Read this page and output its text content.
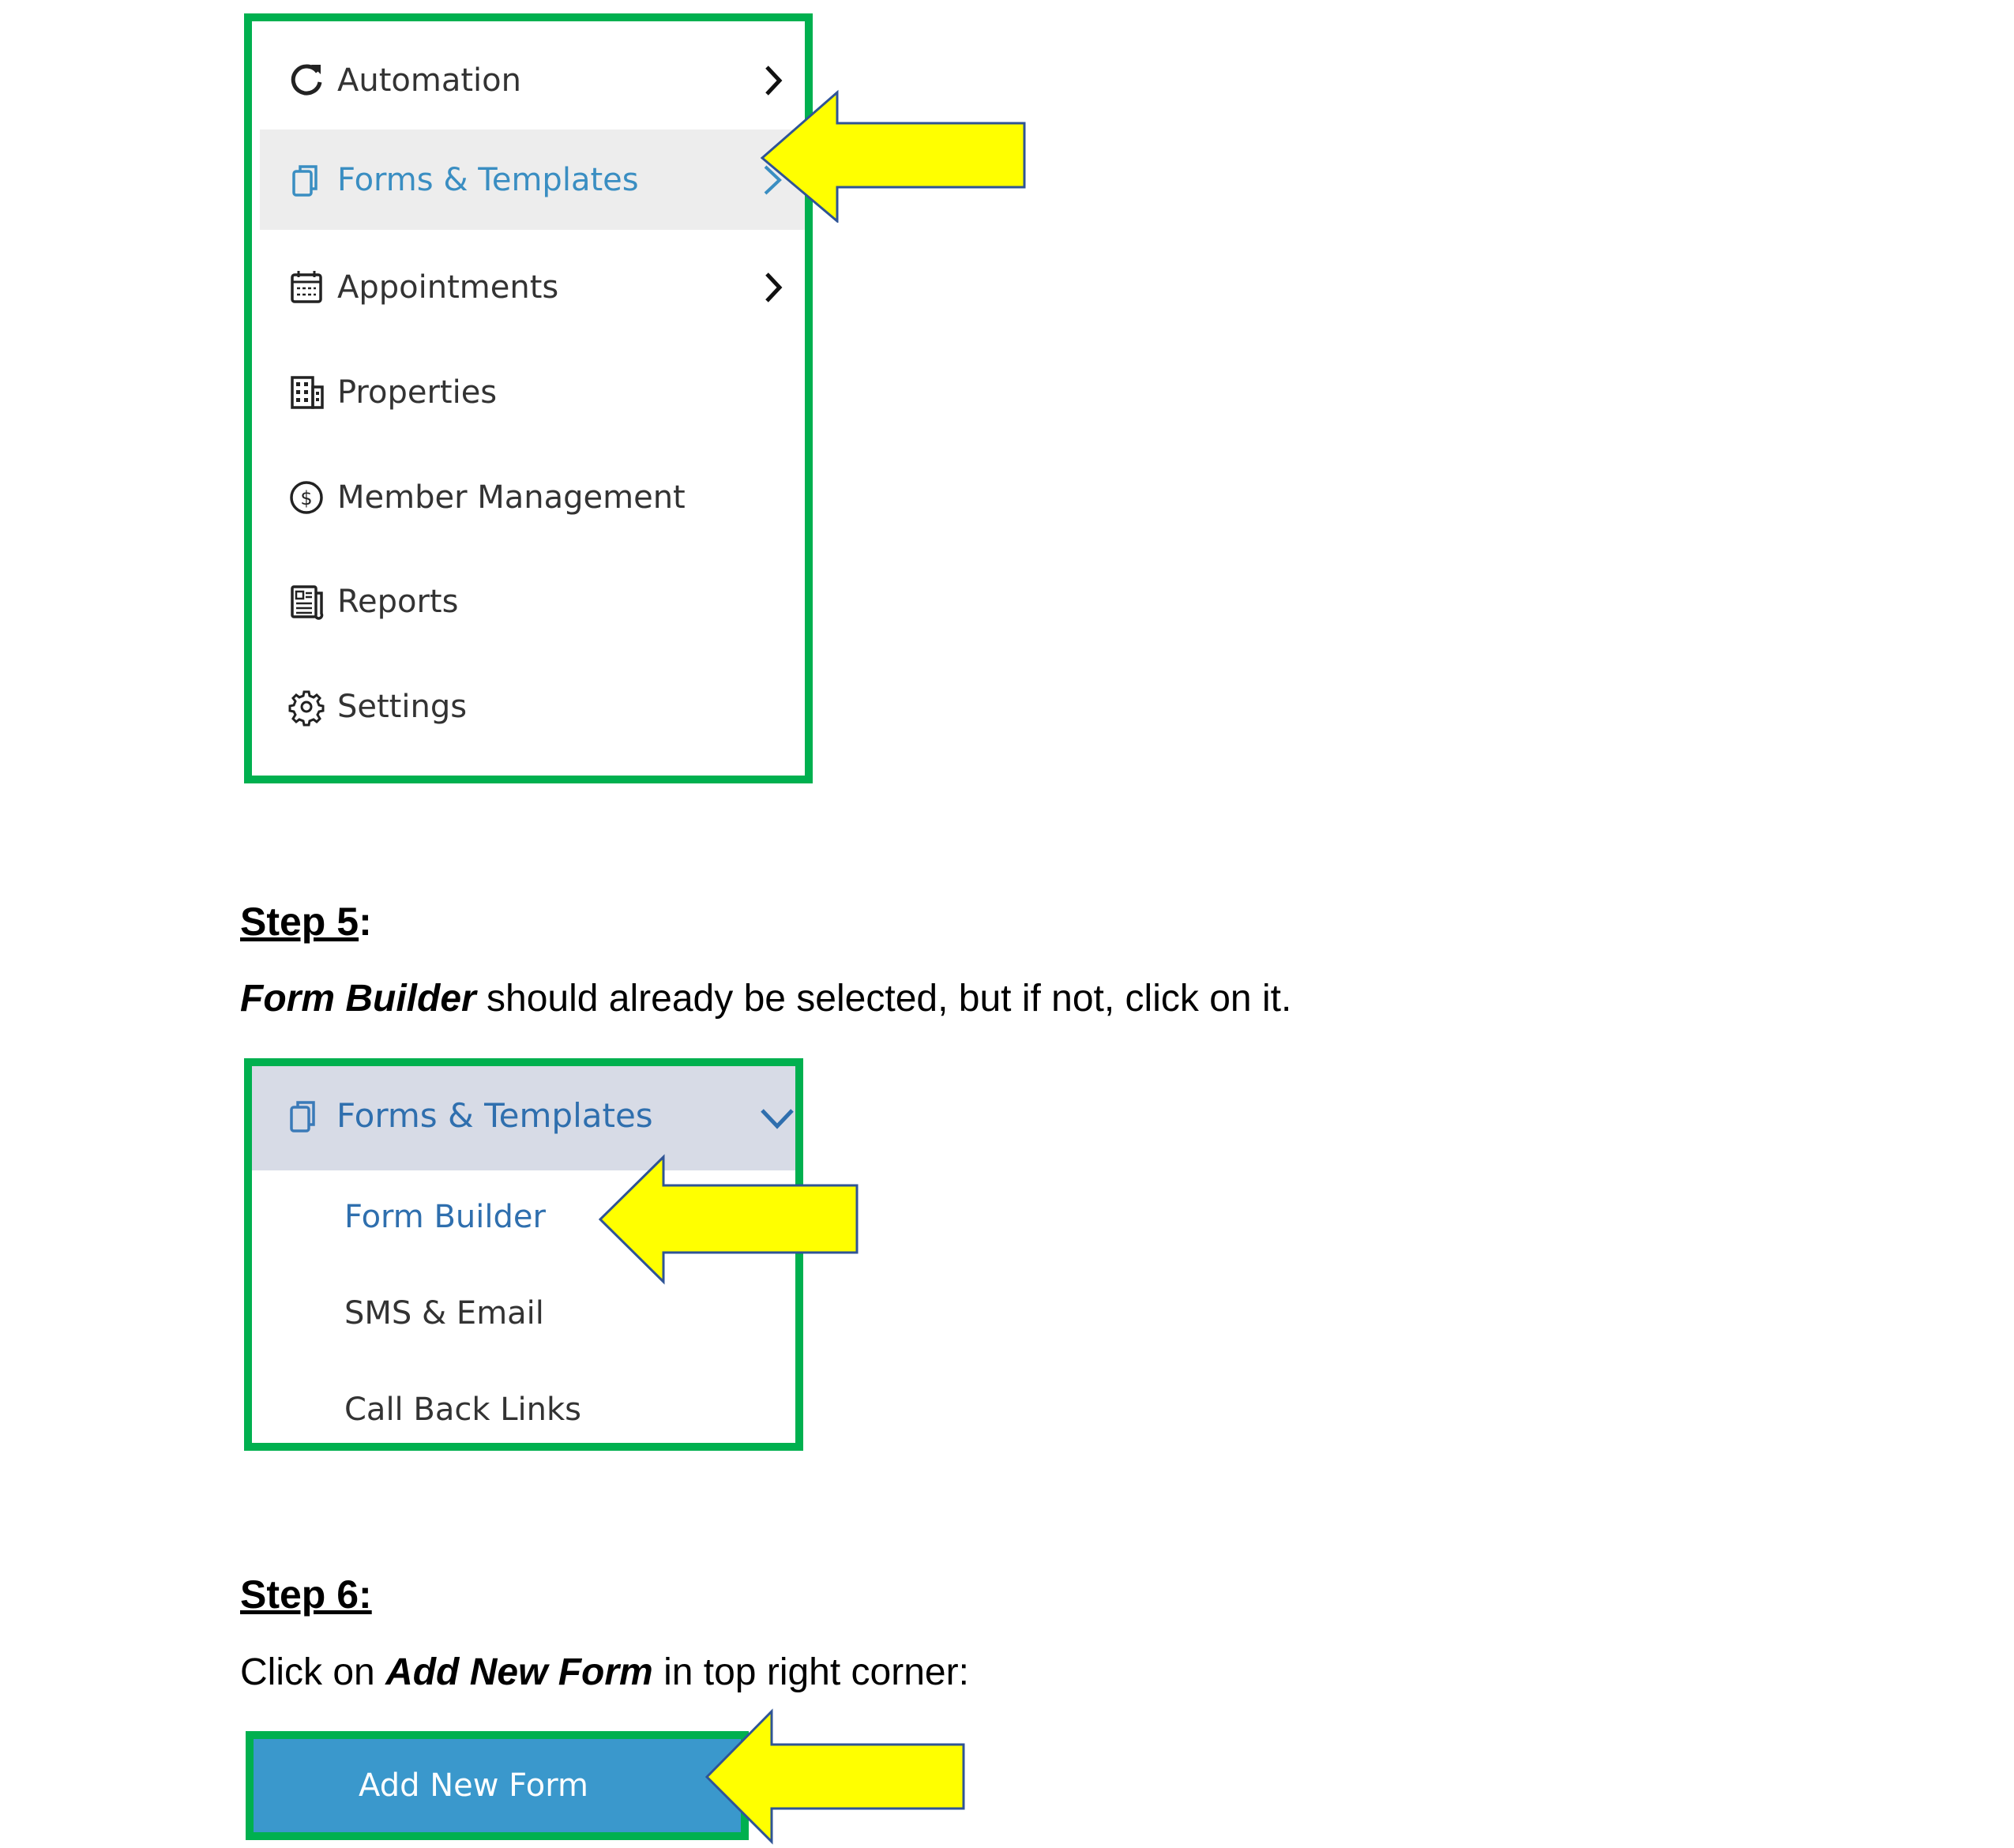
Automation
Forms & Templates
Appointments
Properties
$ Member Management
Reports
Settings
Step 5:
Form Builder should already be selected, but if not, click on it.
Forms & Templates
Form Builder
SMS & Email
Call Back Links
Step 6:
Click on Add New Form in top right corner:
Add New Form
